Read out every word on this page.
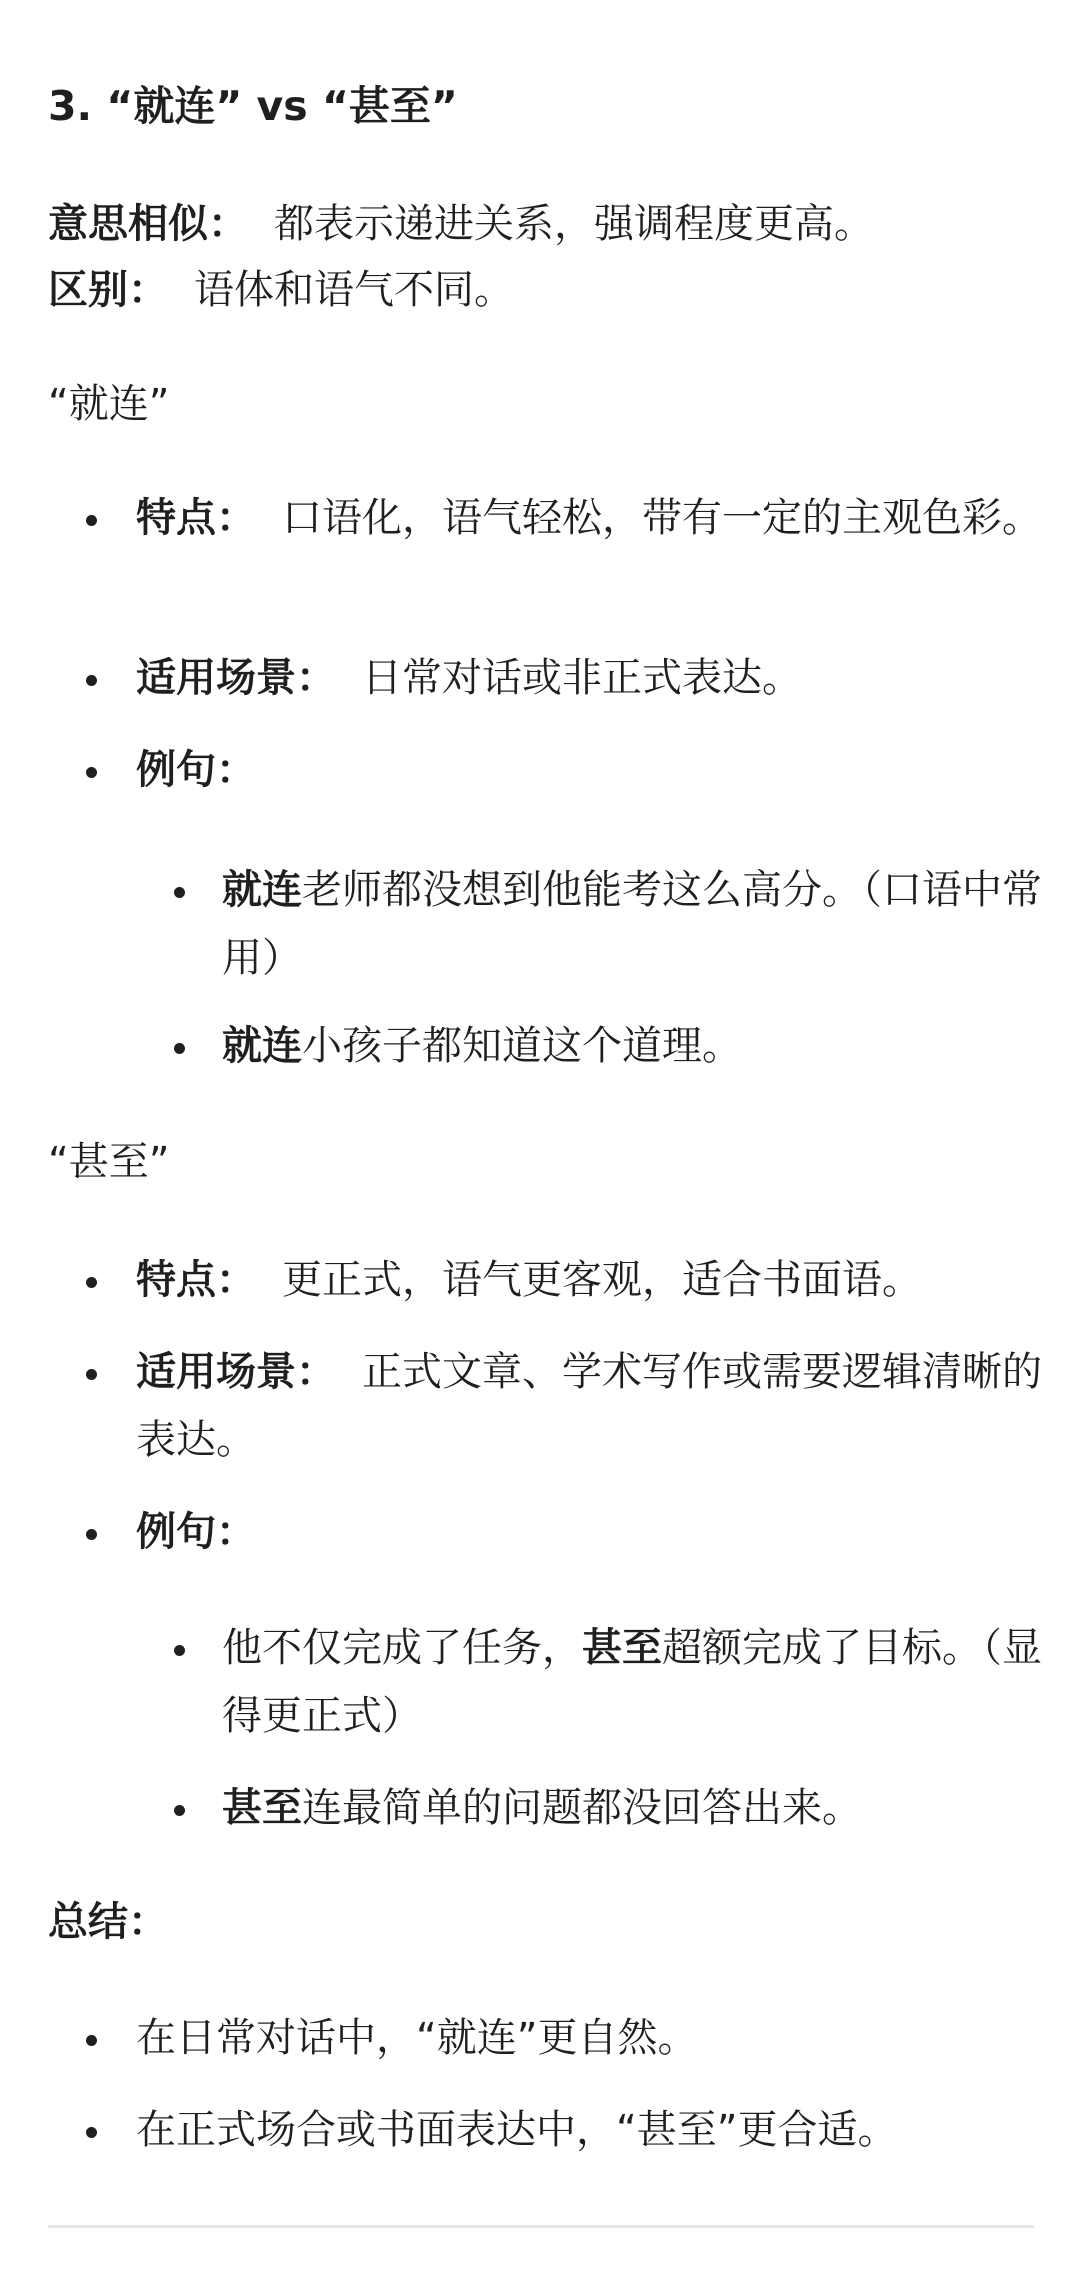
3. “就连” vs “甚至”
意思相似： 都表示递进关系，强调程度更高。
区别： 语体和语气不同。
“就连”
特点： 口语化，语气轻松，带有一定的主观色彩。
适用场景： 日常对话或非正式表达。
例句：
就连老师都没想到他能考这么高分。（口语中常用）
就连小孩子都知道这个道理。
“甚至”
特点： 更正式，语气更客观，适合书面语。
适用场景： 正式文章、学术写作或需要逻辑清晰的表达。
例句：
他不仅完成了任务，甚至超额完成了目标。（显得更正式）
甚至连最简单的问题都没回答出来。
总结：
在日常对话中，“就连”更自然。
在正式场合或书面表达中，“甚至”更合适。
